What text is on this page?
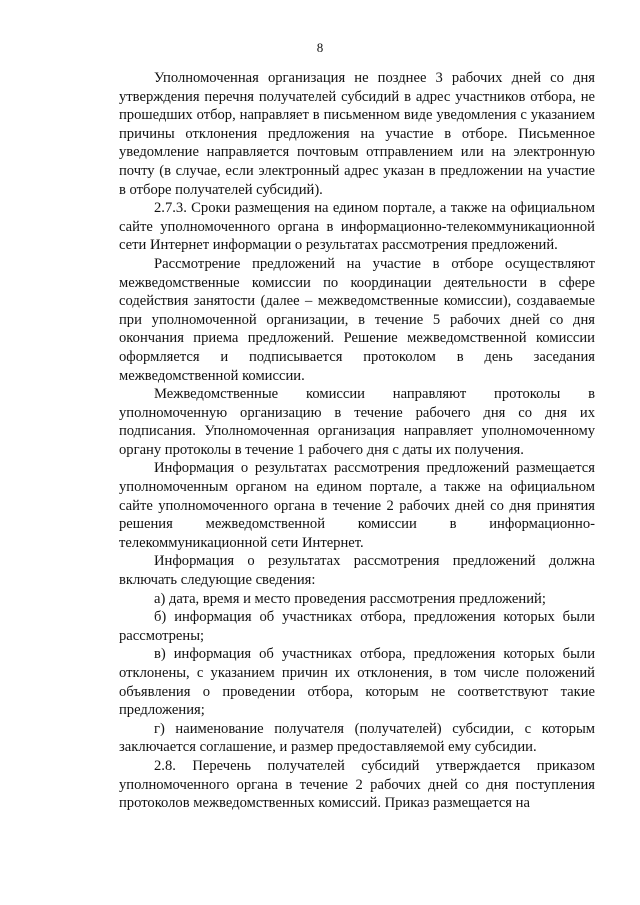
8

Уполномоченная организация не позднее 3 рабочих дней со дня утверждения перечня получателей субсидий в адрес участников отбора, не прошедших отбор, направляет в письменном виде уведомления с указанием причины отклонения предложения на участие в отборе. Письменное уведомление направляется почтовым отправлением или на электронную почту (в случае, если электронный адрес указан в предложении на участие в отборе получателей субсидий).

2.7.3. Сроки размещения на едином портале, а также на официальном сайте уполномоченного органа в информационно-телекоммуникационной сети Интернет информации о результатах рассмотрения предложений.

Рассмотрение предложений на участие в отборе осуществляют межведомственные комиссии по координации деятельности в сфере содействия занятости (далее – межведомственные комиссии), создаваемые при уполномоченной организации, в течение 5 рабочих дней со дня окончания приема предложений. Решение межведомственной комиссии оформляется и подписывается протоколом в день заседания межведомственной комиссии.

Межведомственные комиссии направляют протоколы в уполномоченную организацию в течение рабочего дня со дня их подписания. Уполномоченная организация направляет уполномоченному органу протоколы в течение 1 рабочего дня с даты их получения.

Информация о результатах рассмотрения предложений размещается уполномоченным органом на едином портале, а также на официальном сайте уполномоченного органа в течение 2 рабочих дней со дня принятия решения межведомственной комиссии в информационно-телекоммуникационной сети Интернет.

Информация о результатах рассмотрения предложений должна включать следующие сведения:

а) дата, время и место проведения рассмотрения предложений;

б) информация об участниках отбора, предложения которых были рассмотрены;

в) информация об участниках отбора, предложения которых были отклонены, с указанием причин их отклонения, в том числе положений объявления о проведении отбора, которым не соответствуют такие предложения;

г) наименование получателя (получателей) субсидии, с которым заключается соглашение, и размер предоставляемой ему субсидии.

2.8. Перечень получателей субсидий утверждается приказом уполномоченного органа в течение 2 рабочих дней со дня поступления протоколов межведомственных комиссий. Приказ размещается на
